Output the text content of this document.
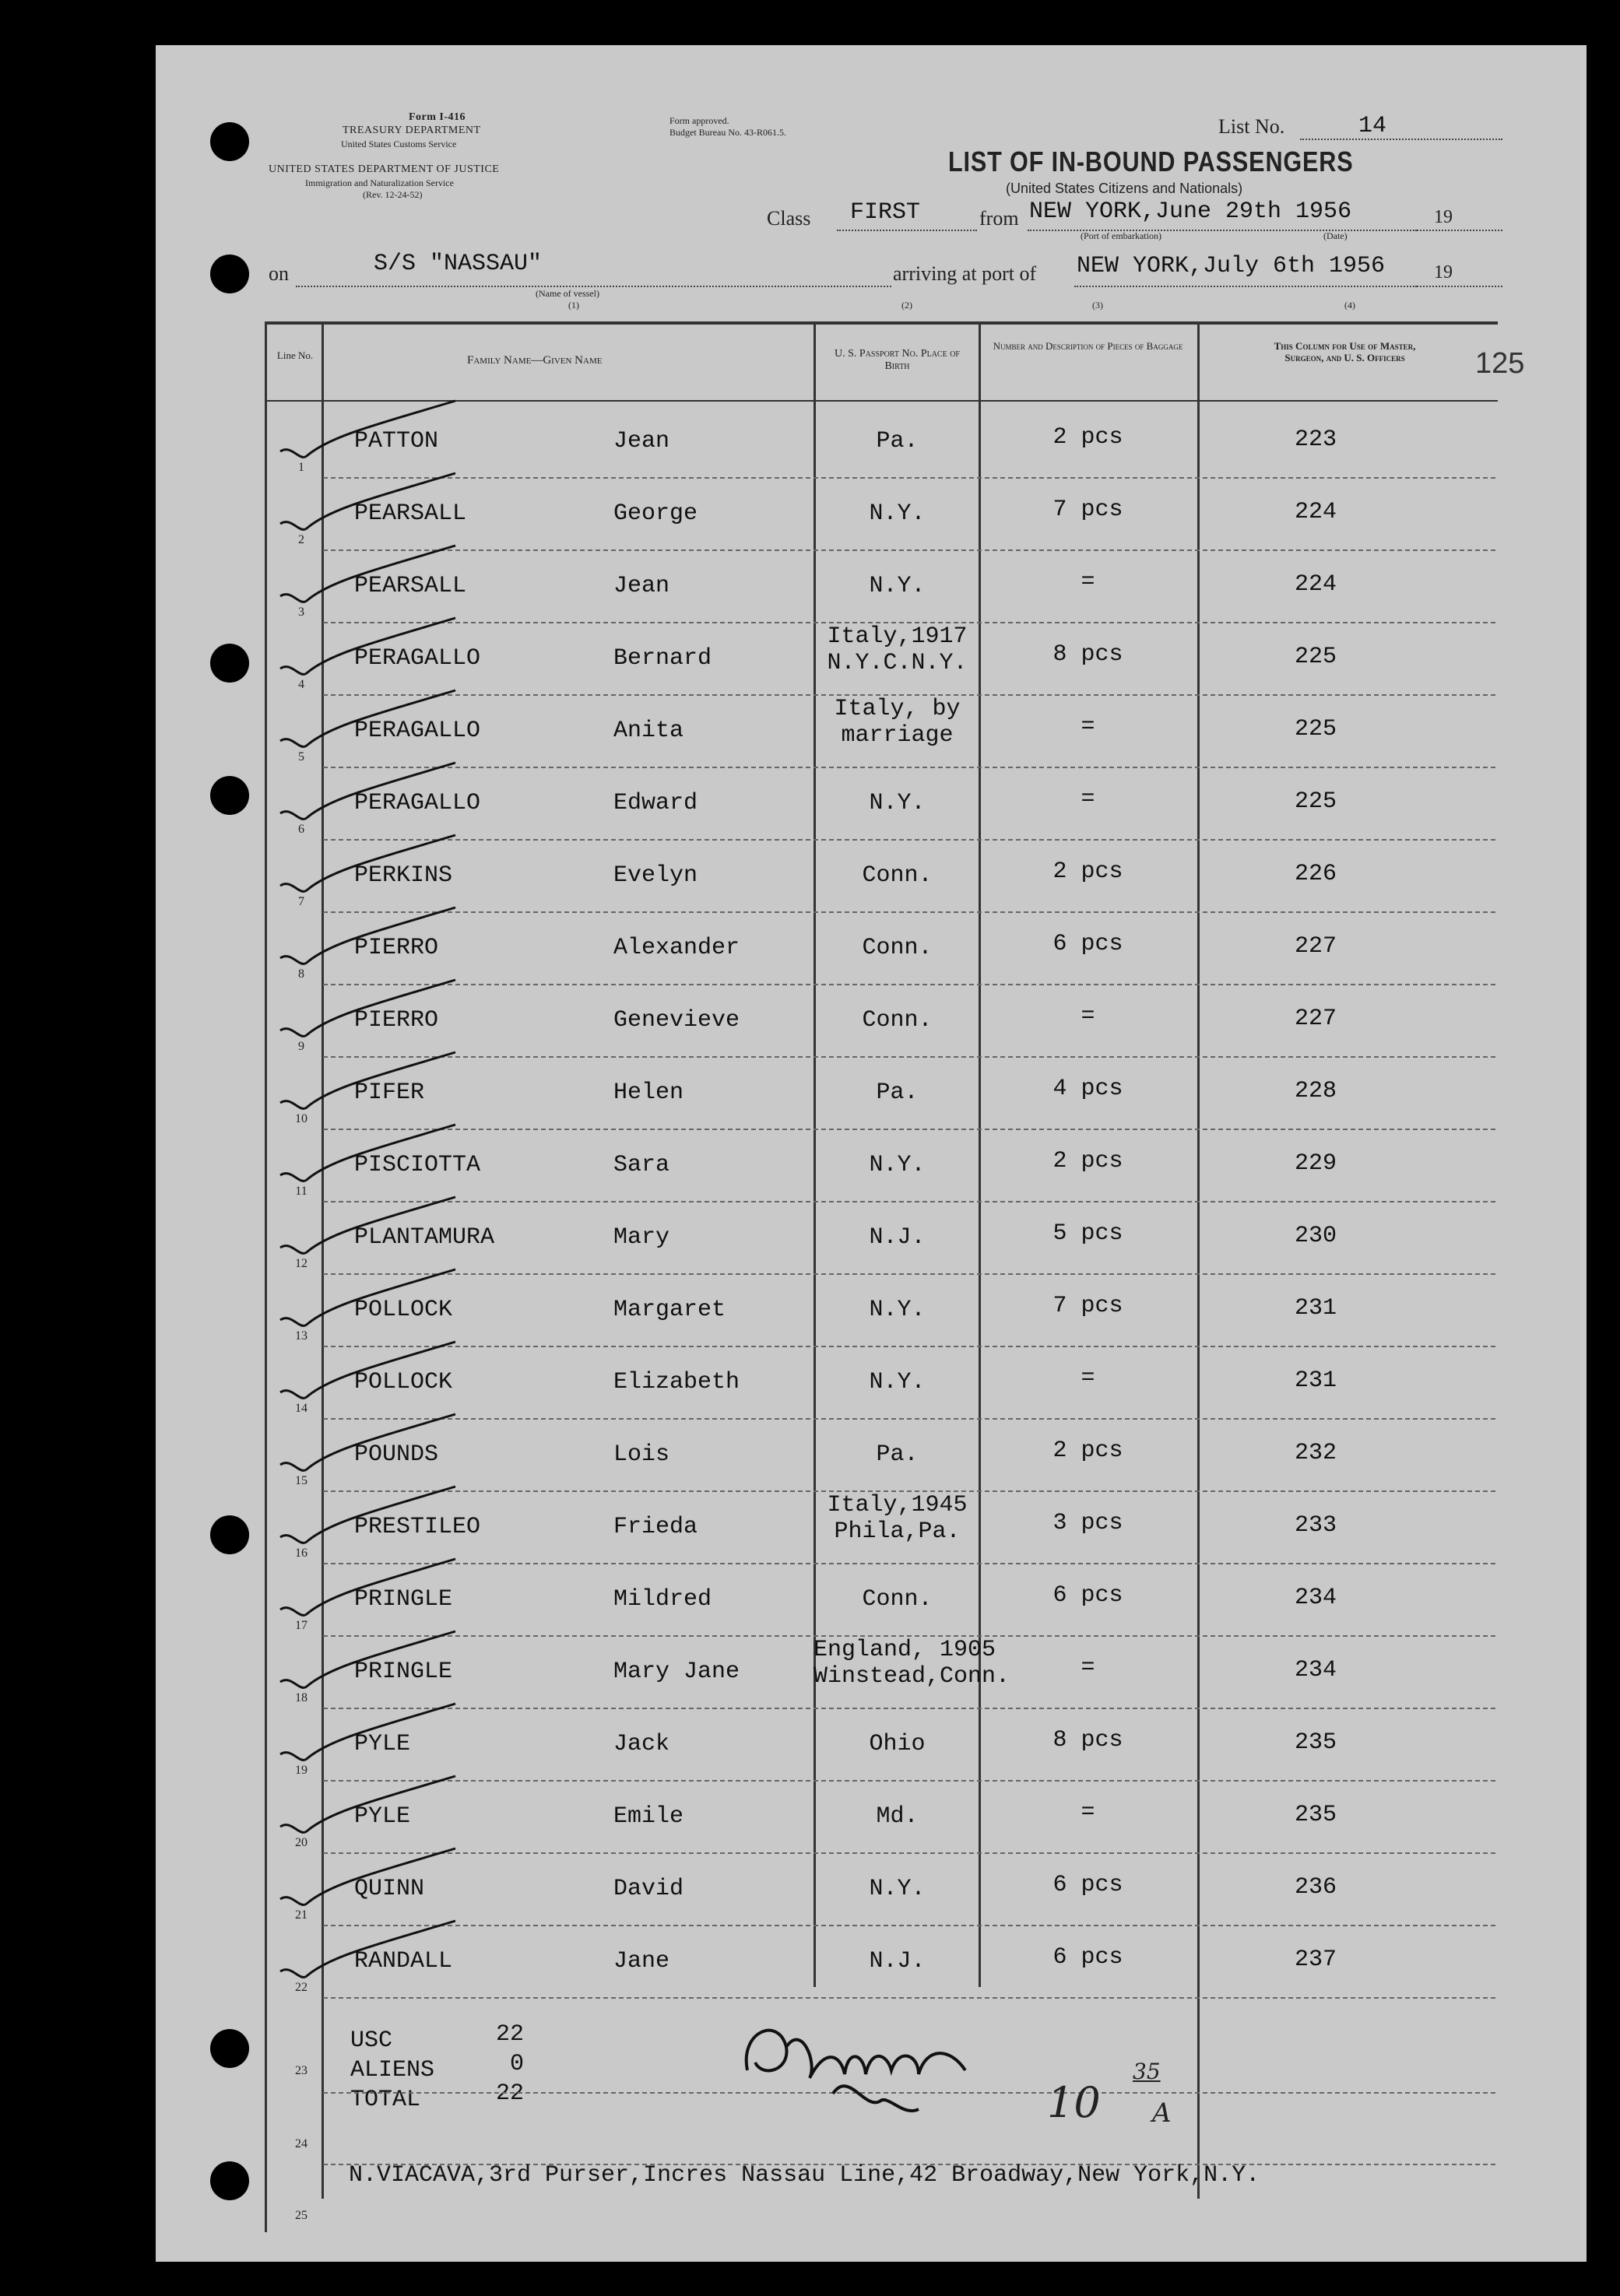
Form I-416
TREASURY DEPARTMENT
United States Customs Service
UNITED STATES DEPARTMENT OF JUSTICE
Immigration and Naturalization Service
(Rev. 12-24-52)
Form approved.
Budget Bureau No. 43-R061.5.	List No.	14
LIST OF IN-BOUND PASSENGERS
(United States Citizens and Nationals)
Class FIRST	from NEW YORK,June 29th 1956	19
(Port of embarkation)	(Date)
on	S/S "NASSAU"
(Name of vessel)
(1)
arriving at port of NEW YORK,July 6th 1956	19
(2)	(3)	(4)
Line No.	Family Name—Given Name
U. S. Passport No. Place of Birth
Number and Description of Pieces of Baggage	This Column for Use of Master, Surgeon, and U. S. Officers	125
1
PATTON	Jean	Pa.	2 pcs	223
2
PEARSALL	George	N.Y.	7 pcs	224
3
PEARSALL	Jean	N.Y.	=	224
4
PERAGALLO	Bernard
Italy,1917
N.Y.C.N.Y.	8 pcs	225
5
PERAGALLO	Anita
Italy, by
marriage	=	225
6
PERAGALLO	Edward	N.Y.	=	225
7
PERKINS	Evelyn	Conn.	2 pcs	226
8
PIERRO	Alexander	Conn.	6 pcs	227
9
PIERRO	Genevieve	Conn.	=	227
10
PIFER	Helen	Pa.	4 pcs	228
11
PISCIOTTA	Sara	N.Y.	2 pcs	229
12
PLANTAMURA	Mary	N.J.	5 pcs	230
13
POLLOCK	Margaret	N.Y.	7 pcs	231
14
POLLOCK	Elizabeth	N.Y.	=	231
15
POUNDS	Lois	Pa.	2 pcs	232
16
PRESTILEO	Frieda
Italy,1945
Phila,Pa.	3 pcs	233
17
PRINGLE	Mildred	Conn.	6 pcs	234
18
PRINGLE	Mary Jane
England, 1905
Winstead,Conn.	=	234
19
PYLE	Jack	Ohio	8 pcs	235
20
PYLE	Emile	Md.	=	235
21
QUINN	David	N.Y.	6 pcs	236
22
RANDALL	Jane	N.J.	6 pcs	237
USC	22
ALIENS	0
TOTAL	22
23
24
25
10
35
A
N.VIACAVA,3rd Purser,Incres Nassau Line,42 Broadway,New York,N.Y.
